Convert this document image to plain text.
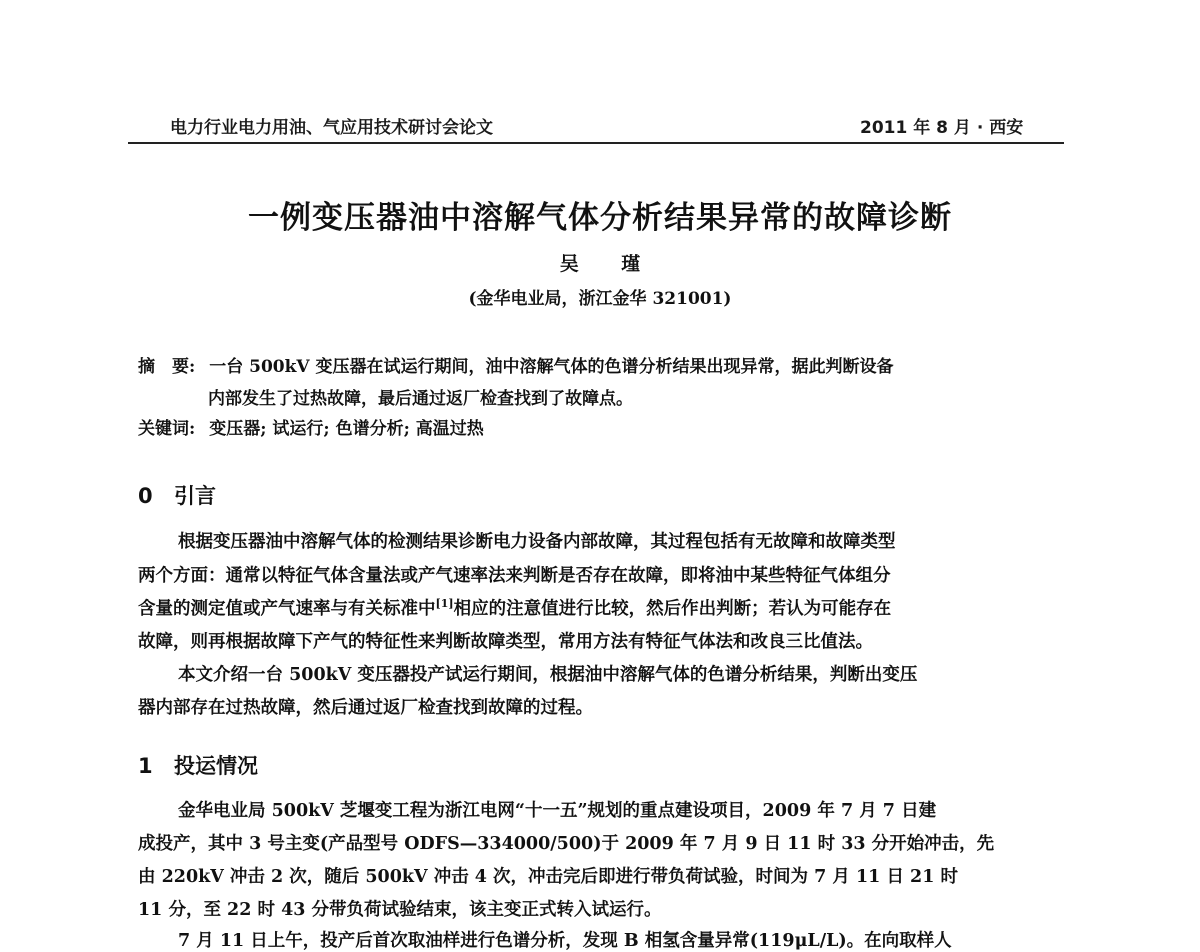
电力行业电力用油、气应用技术研讨会论文	2011 年 8 月 · 西安
一例变压器油中溶解气体分析结果异常的故障诊断
吴 瑾
(金华电业局，浙江金华 321001)
摘　要: 一台 500kV 变压器在试运行期间，油中溶解气体的色谱分析结果出现异常，据此判断设备
内部发生了过热故障，最后通过返厂检查找到了故障点。
关键词: 变压器; 试运行; 色谱分析; 高温过热
0 引言
根据变压器油中溶解气体的检测结果诊断电力设备内部故障，其过程包括有无故障和故障类型
两个方面：通常以特征气体含量法或产气速率法来判断是否存在故障，即将油中某些特征气体组分
含量的测定值或产气速率与有关标准中[1]相应的注意值进行比较，然后作出判断；若认为可能存在
故障，则再根据故障下产气的特征性来判断故障类型，常用方法有特征气体法和改良三比值法。
本文介绍一台 500kV 变压器投产试运行期间，根据油中溶解气体的色谱分析结果，判断出变压
器内部存在过热故障，然后通过返厂检查找到故障的过程。
1 投运情况
金华电业局 500kV 芝堰变工程为浙江电网“十一五”规划的重点建设项目，2009 年 7 月 7 日建
成投产，其中 3 号主变(产品型号 ODFS—334000/500)于 2009 年 7 月 9 日 11 时 33 分开始冲击，先
由 220kV 冲击 2 次，随后 500kV 冲击 4 次，冲击完后即进行带负荷试验，时间为 7 月 11 日 21 时
11 分，至 22 时 43 分带负荷试验结束，该主变正式转入试运行。
7 月 11 日上午，投产后首次取油样进行色谱分析，发现 B 相氢含量异常(119μL/L)。在向取样人
